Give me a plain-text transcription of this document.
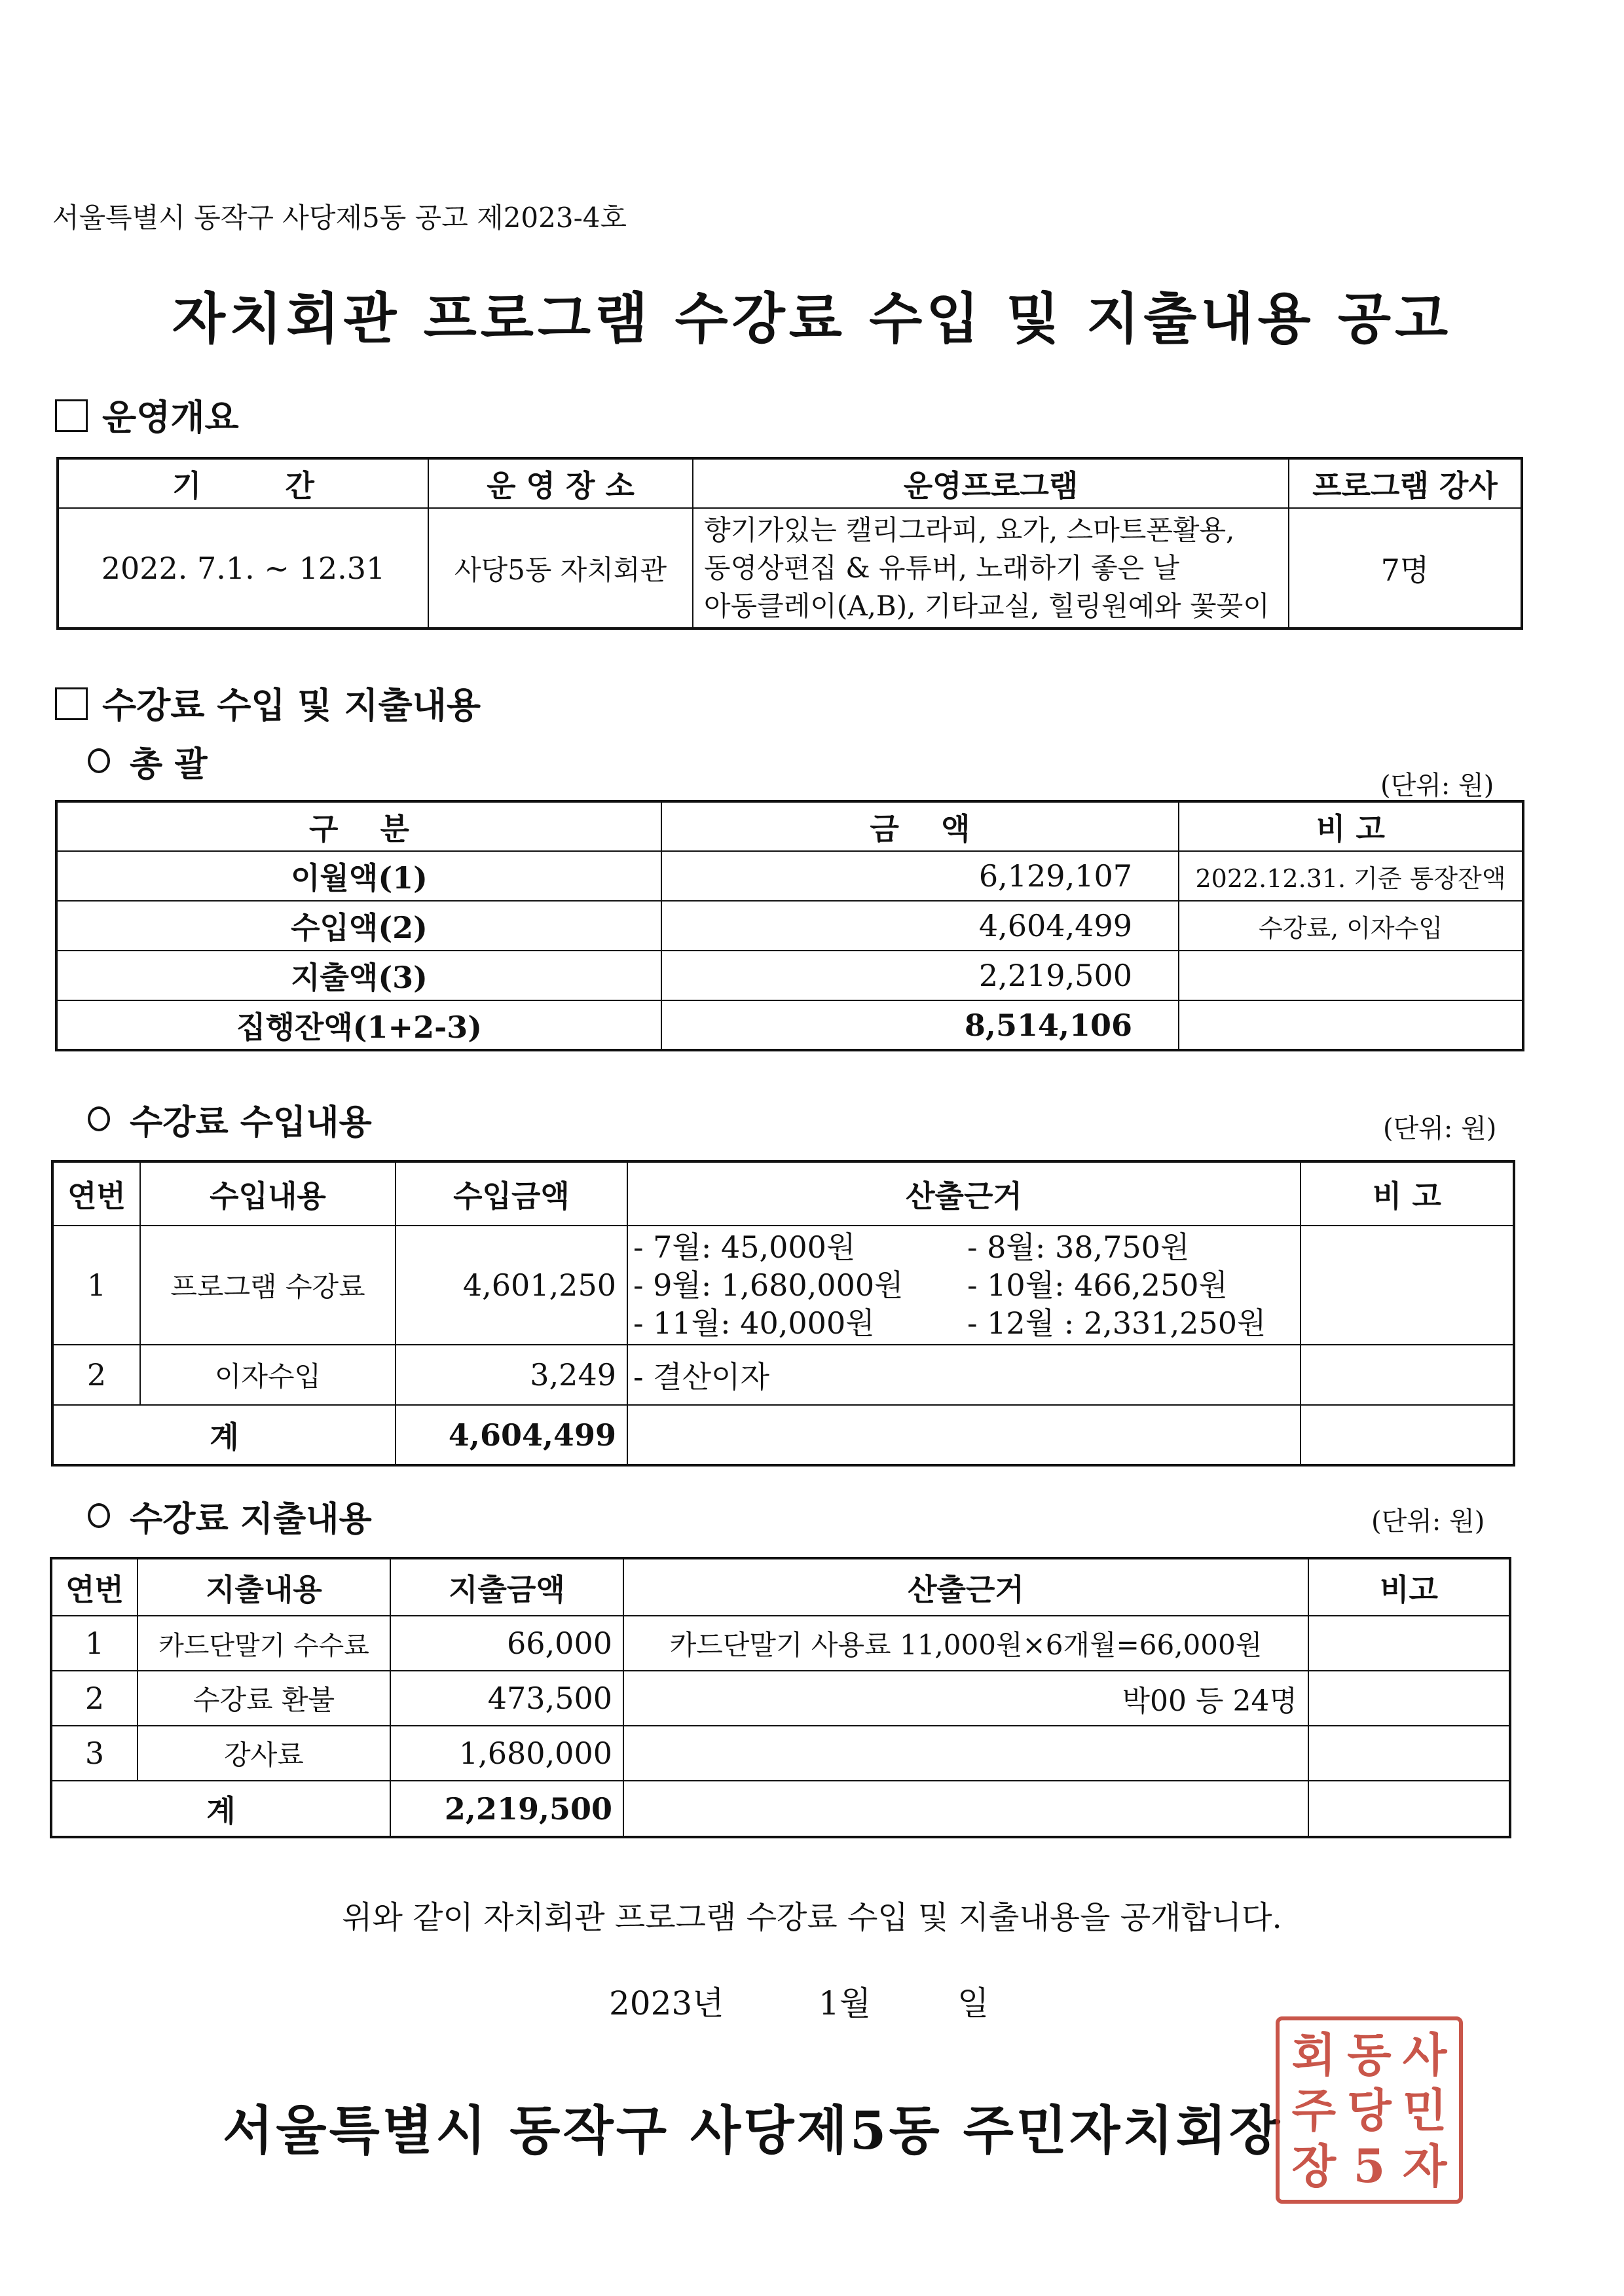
서울특별시 동작구 사당제5동 공고 제2023-4호
자치회관 프로그램 수강료 수입 및 지출내용 공고
운영개요
기        간	운 영 장 소	운영프로그램	프로그램 강사
2022. 7.1. ~ 12.31	사당5동 자치회관	향기가있는 캘리그라피, 요가, 스마트폰활용,
동영상편집 & 유튜버, 노래하기 좋은 날
아동클레이(A,B), 기타교실, 힐링원예와 꽃꽂이	7명
수강료 수입 및 지출내용
총 괄
(단위: 원)
구    분	금    액	비 고
이월액(1)	6,129,107	2022.12.31. 기준 통장잔액
수입액(2)	4,604,499	수강료, 이자수입
지출액(3)	2,219,500	
집행잔액(1+2-3)	8,514,106	
수강료 수입내용	(단위: 원)
연번	수입내용	수입금액	산출근거	비 고
1	프로그램 수강료	4,601,250	- 7월: 45,000원 - 8월: 38,750원
- 9월: 1,680,000원 - 10월: 466,250원
- 11월: 40,000원 - 12월 : 2,331,250원	

2	이자수입	3,249	- 결산이자	
계		4,604,499		
수강료 지출내용	(단위: 원)
연번	지출내용	지출금액	산출근거	비고
1	카드단말기 수수료	66,000	카드단말기 사용료 11,000원×6개월=66,000원	
2	수강료 환불	473,500	박00 등 24명	
3	강사료	1,680,000		
계		2,219,500		
위와 같이 자치회관 프로그램 수강료 수입 및 지출내용을 공개합니다.
2023년	1월	일
서울특별시 동작구 사당제5동 주민자치회장
회 동 사
주 당 민
장 5 자
